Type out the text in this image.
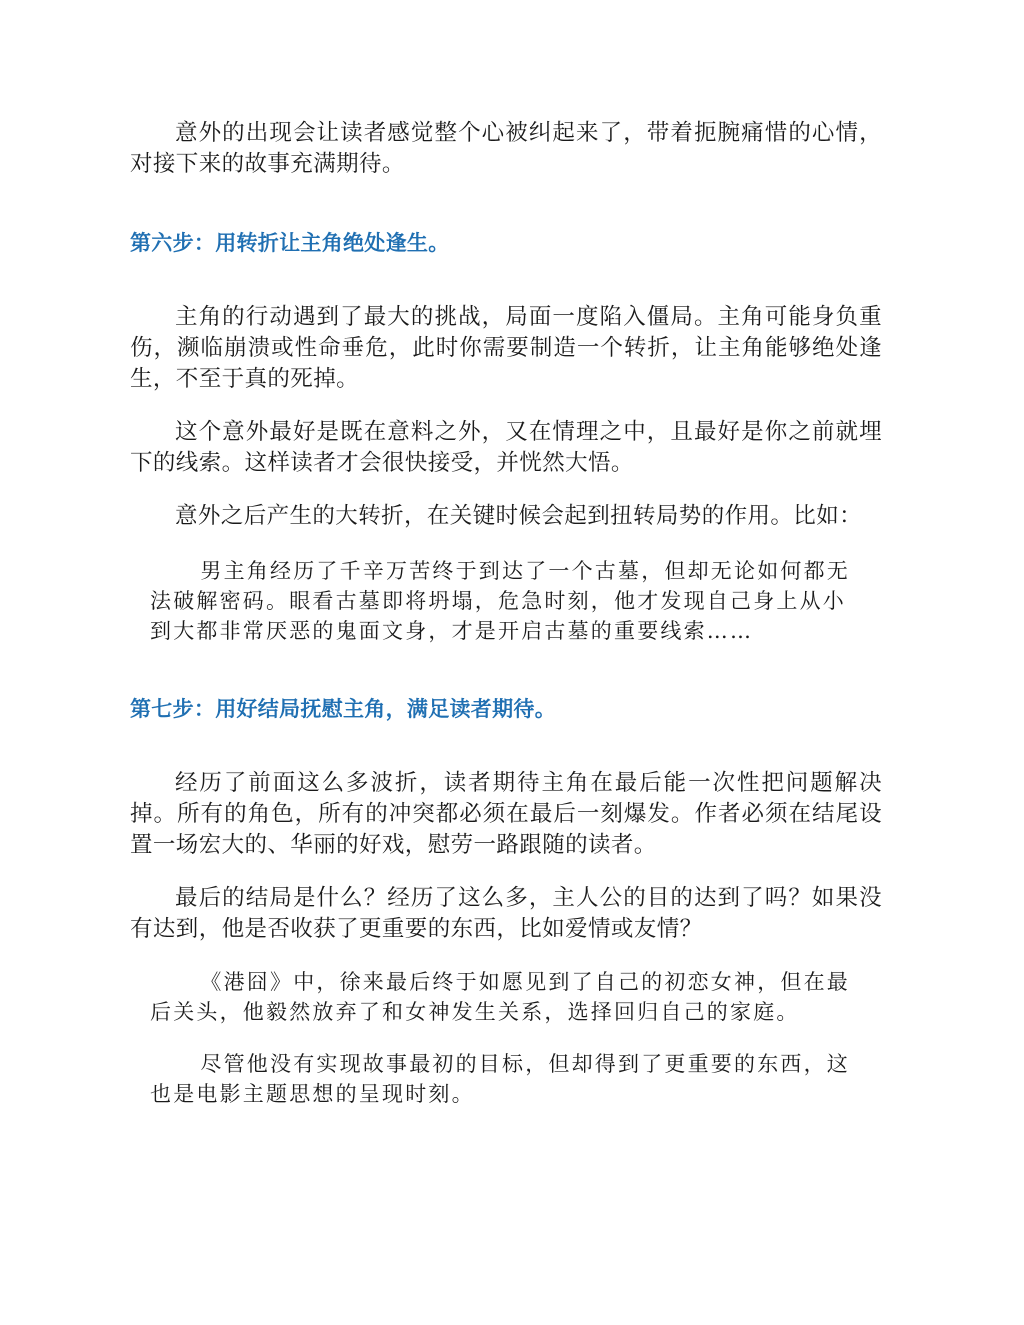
意外的出现会让读者感觉整个心被纠起来了，带着扼腕痛惜的心情，对接下来的故事充满期待。

第六步：用转折让主角绝处逢生。

主角的行动遇到了最大的挑战，局面一度陷入僵局。主角可能身负重伤，濒临崩溃或性命垂危，此时你需要制造一个转折，让主角能够绝处逢生，不至于真的死掉。

这个意外最好是既在意料之外，又在情理之中，且最好是你之前就埋下的线索。这样读者才会很快接受，并恍然大悟。

意外之后产生的大转折，在关键时候会起到扭转局势的作用。比如：

男主角经历了千辛万苦终于到达了一个古墓，但却无论如何都无法破解密码。眼看古墓即将坍塌，危急时刻，他才发现自己身上从小到大都非常厌恶的鬼面文身，才是开启古墓的重要线索……

第七步：用好结局抚慰主角，满足读者期待。

经历了前面这么多波折，读者期待主角在最后能一次性把问题解决掉。所有的角色，所有的冲突都必须在最后一刻爆发。作者必须在结尾设置一场宏大的、华丽的好戏，慰劳一路跟随的读者。

最后的结局是什么？经历了这么多，主人公的目的达到了吗？如果没有达到，他是否收获了更重要的东西，比如爱情或友情？

《港囧》中，徐来最后终于如愿见到了自己的初恋女神，但在最后关头，他毅然放弃了和女神发生关系，选择回归自己的家庭。

尽管他没有实现故事最初的目标，但却得到了更重要的东西，这也是电影主题思想的呈现时刻。
